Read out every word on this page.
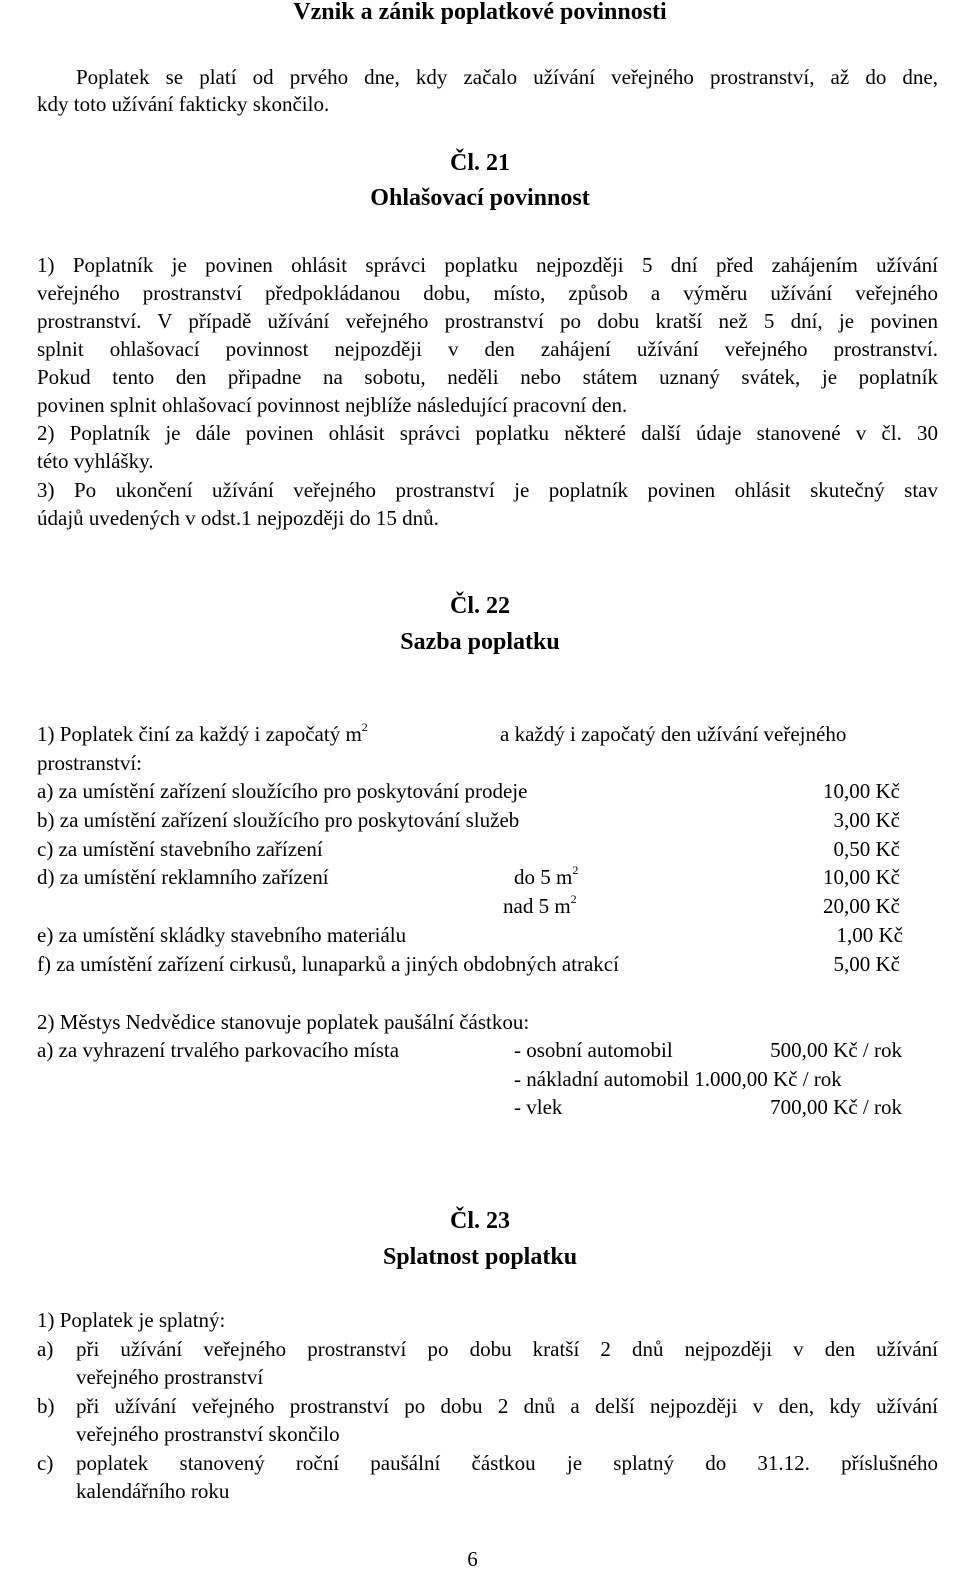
Vznik a zánik poplatkové povinnosti
Poplatek se platí od prvého dne, kdy začalo užívání veřejného prostranství, až do dne,
kdy toto užívání fakticky skončilo.
Čl. 21
Ohlašovací povinnost
1) Poplatník je povinen ohlásit správci poplatku nejpozději 5 dní před zahájením užívání
veřejného prostranství předpokládanou dobu, místo, způsob a výměru užívání veřejného
prostranství. V případě užívání veřejného prostranství po dobu kratší než 5 dní, je povinen
splnit ohlašovací povinnost nejpozději v den zahájení užívání veřejného prostranství.
Pokud tento den připadne na sobotu, neděli nebo státem uznaný svátek, je poplatník
povinen splnit ohlašovací povinnost nejblíže následující pracovní den.
2) Poplatník je dále povinen ohlásit správci poplatku některé další údaje stanovené v čl. 30
této vyhlášky.
3) Po ukončení užívání veřejného prostranství je poplatník povinen ohlásit skutečný stav
údajů uvedených v odst.1 nejpozději do 15 dnů.
Čl. 22
Sazba poplatku
1) Poplatek činí za každý i započatý $m^2$	a každý i započatý den užívání veřejného
prostranství:
a) za umístění zařízení sloužícího pro poskytování prodeje	10,00 Kč
b) za umístění zařízení sloužícího pro poskytování služeb	3,00 Kč
c) za umístění stavebního zařízení	0,50 Kč
d) za umístění reklamního zařízení	do 5 $m^2$	10,00 Kč
nad 5 $m^2$	20,00 Kč
e) za umístění skládky stavebního materiálu	1,00 Kč
f) za umístění zařízení cirkusů, lunaparků a jiných obdobných atrakcí	5,00 Kč
2) Městys Nedvědice stanovuje poplatek paušální částkou:
a) za vyhrazení trvalého parkovacího místa	- osobní automobil	500,00 Kč / rok
- nákladní automobil 1.000,00 Kč / rok
- vlek	700,00 Kč / rok
Čl. 23
Splatnost poplatku
1) Poplatek je splatný:
a) při užívání veřejného prostranství po dobu kratší 2 dnů nejpozději v den užívání
veřejného prostranství
b) při užívání veřejného prostranství po dobu 2 dnů a delší nejpozději v den, kdy užívání
veřejného prostranství skončilo
c) poplatek stanovený roční paušální částkou je splatný do 31.12. příslušného
kalendářního roku
6
